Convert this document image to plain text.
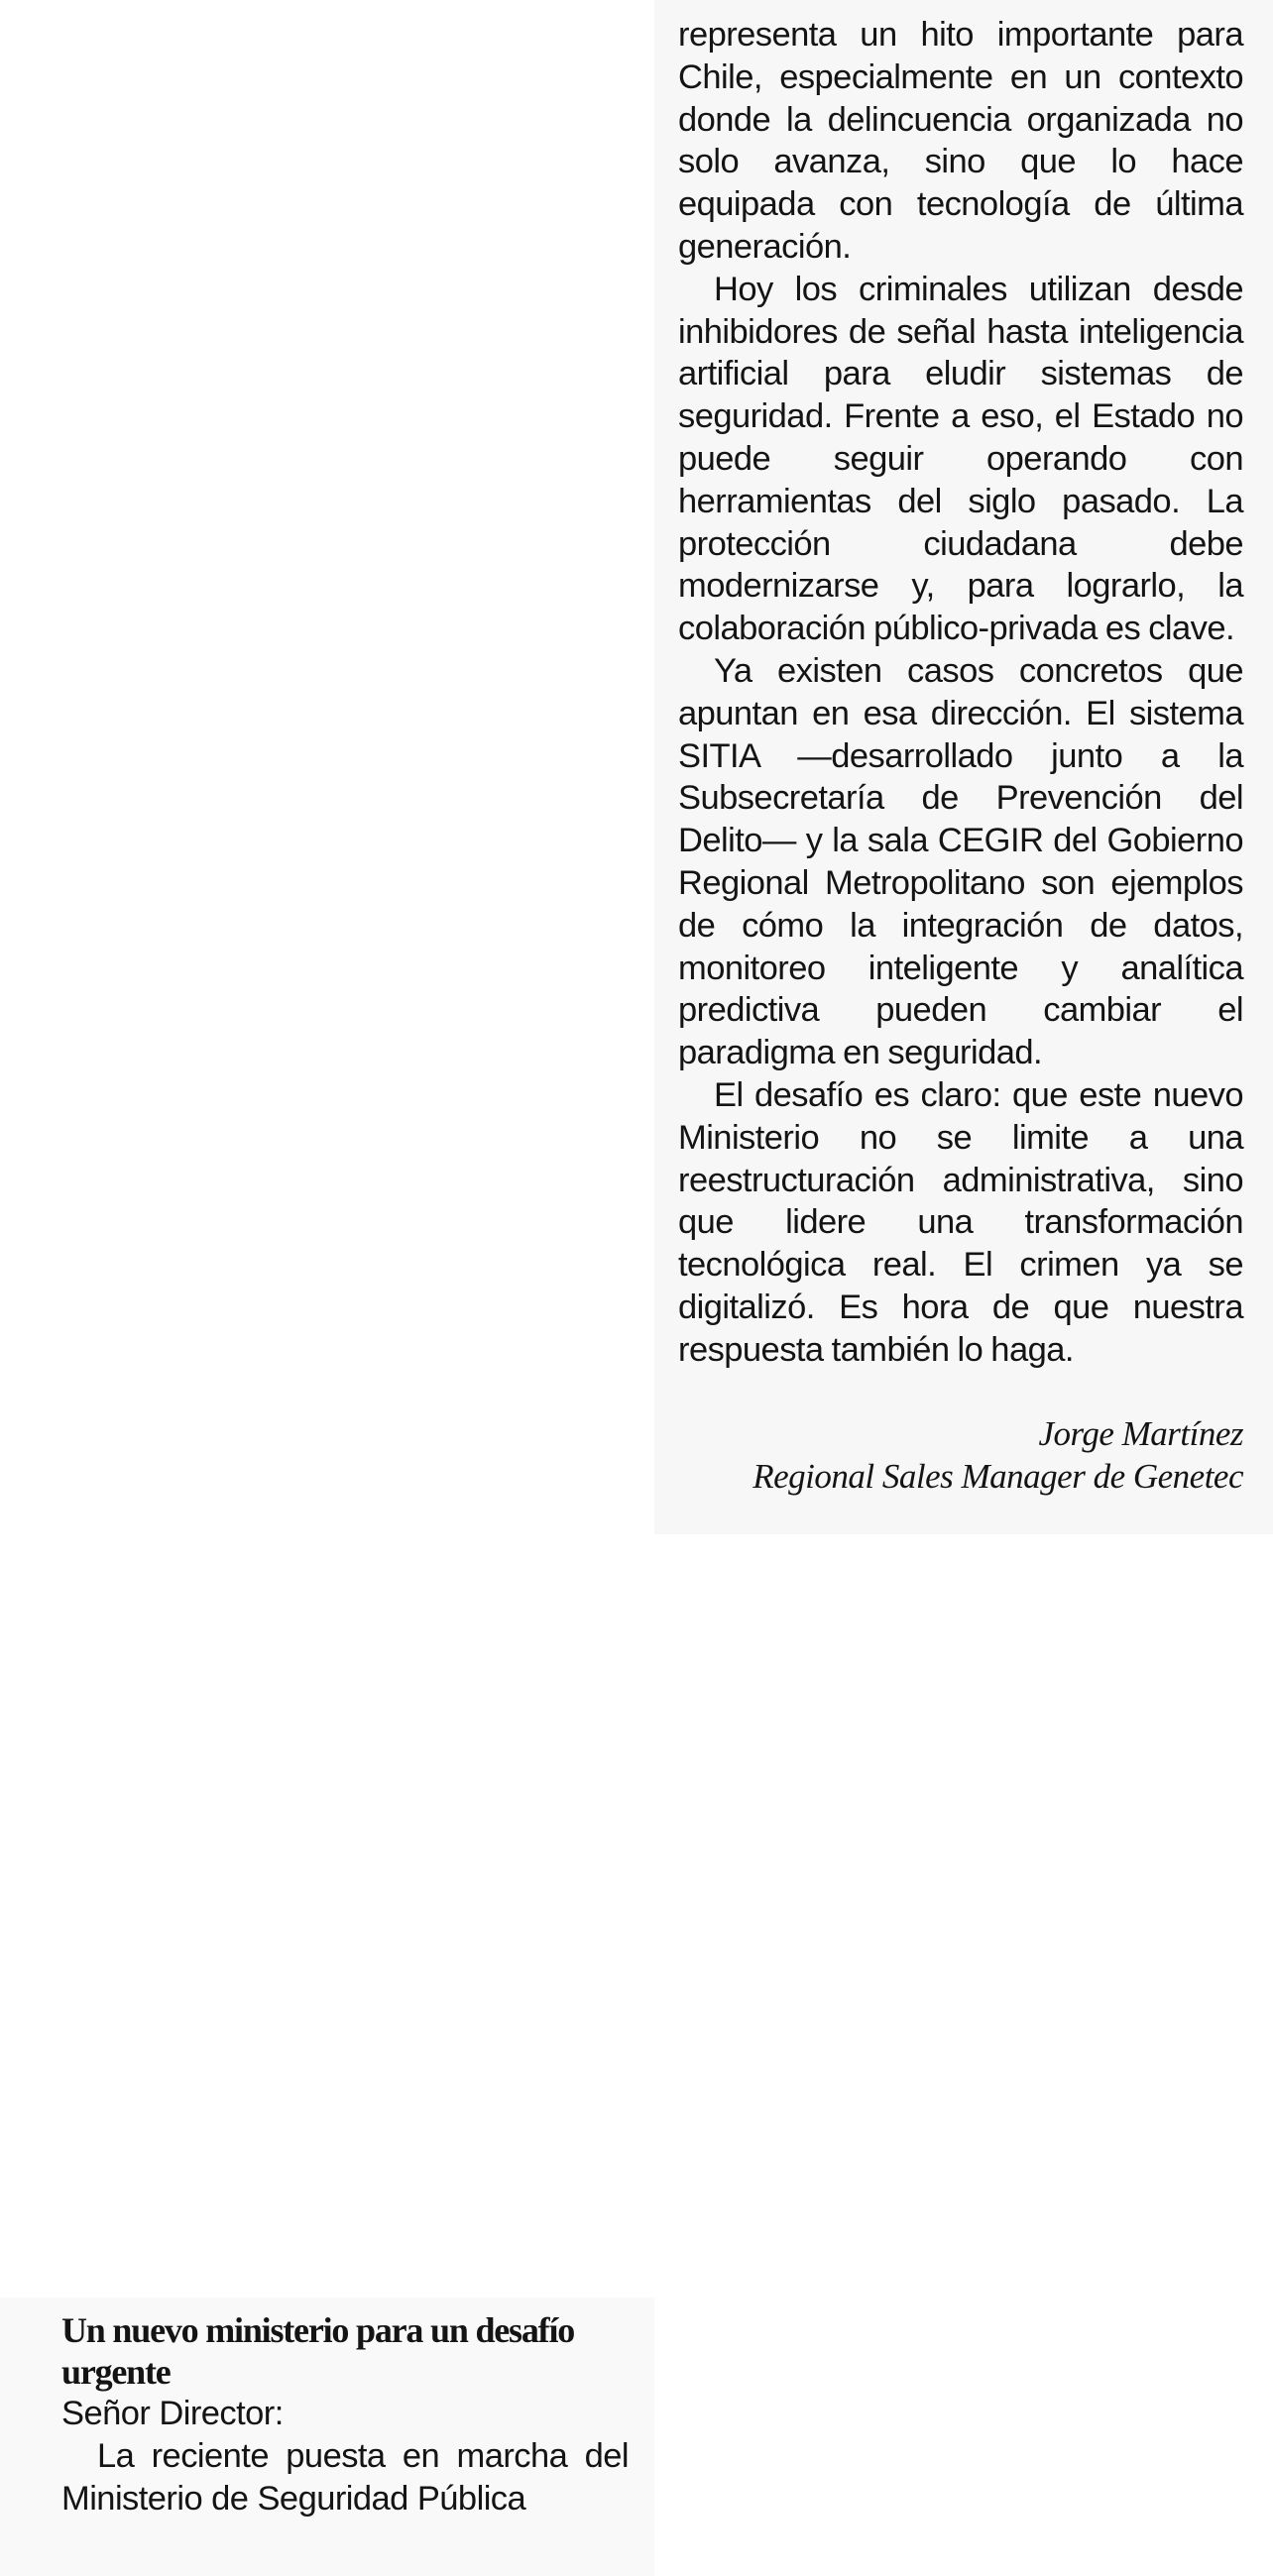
representa un hito importante para Chile, especialmente en un contexto donde la delincuencia organizada no solo avanza, sino que lo hace equipada con tecnología de última generación.

Hoy los criminales utilizan desde inhibidores de señal hasta inteligencia artificial para eludir sistemas de seguridad. Frente a eso, el Estado no puede seguir operando con herramientas del siglo pasado. La protección ciudadana debe modernizarse y, para lograrlo, la colaboración público-privada es clave.

Ya existen casos concretos que apuntan en esa dirección. El sistema SITIA —desarrollado junto a la Subsecretaría de Prevención del Delito— y la sala CEGIR del Gobierno Regional Metropolitano son ejemplos de cómo la integración de datos, monitoreo inteligente y analítica predictiva pueden cambiar el paradigma en seguridad.

El desafío es claro: que este nuevo Ministerio no se limite a una reestructuración administrativa, sino que lidere una transformación tecnológica real. El crimen ya se digitalizó. Es hora de que nuestra respuesta también lo haga.

Jorge Martínez
Regional Sales Manager de Genetec
Un nuevo ministerio para un desafío urgente

Señor Director:

La reciente puesta en marcha del Ministerio de Seguridad Pública
